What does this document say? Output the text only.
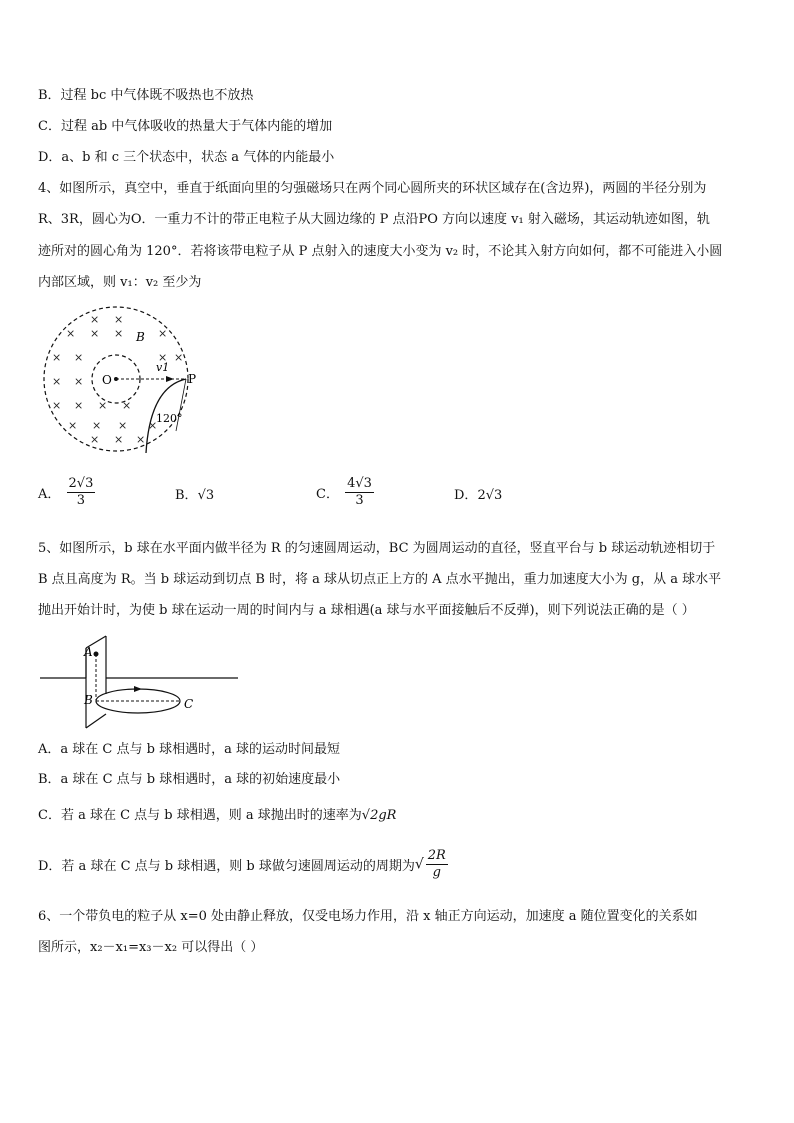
B．过程 bc 中气体既不吸热也不放热
C．过程 ab 中气体吸收的热量大于气体内能的增加
D．a、b 和 c 三个状态中，状态 a 气体的内能最小
4、如图所示，真空中，垂直于纸面向里的匀强磁场只在两个同心圆所夹的环状区域存在(含边界)，两圆的半径分别为
R、3R，圆心为O．一重力不计的带正电粒子从大圆边缘的 P 点沿PO 方向以速度 v₁ 射入磁场，其运动轨迹如图，轨
迹所对的圆心角为 120°．若将该带电粒子从 P 点射入的速度大小变为 v₂ 时，不论其入射方向如何，都不可能进入小圆
内部区域，则 v₁：v₂ 至少为
× ×
× × ×	×
× ×	× ×
× ×
× × × ×
× × × ×
× × ×
B
O	P
v1
120°
A． $\frac{2√3}{3}$	B．√3	C． $\frac{4√3}{3}$	D．2√3
5、如图所示，b 球在水平面内做半径为 R 的匀速圆周运动，BC 为圆周运动的直径，竖直平台与 b 球运动轨迹相切于
B 点且高度为 R。当 b 球运动到切点 B 时，将 a 球从切点正上方的 A 点水平抛出，重力加速度大小为 g，从 a 球水平
抛出开始计时，为使 b 球在运动一周的时间内与 a 球相遇(a 球与水平面接触后不反弹)，则下列说法正确的是（ ）
A
B	C
A．a 球在 C 点与 b 球相遇时，a 球的运动时间最短
B．a 球在 C 点与 b 球相遇时，a 球的初始速度最小
C．若 a 球在 C 点与 b 球相遇，则 a 球抛出时的速率为√2gR
D．若 a 球在 C 点与 b 球相遇，则 b 球做匀速圆周运动的周期为√ $\frac{2R}{g}$
6、一个带负电的粒子从 x=0 处由静止释放，仅受电场力作用，沿 x 轴正方向运动，加速度 a 随位置变化的关系如
图所示，x₂－x₁=x₃－x₂ 可以得出（ ）
